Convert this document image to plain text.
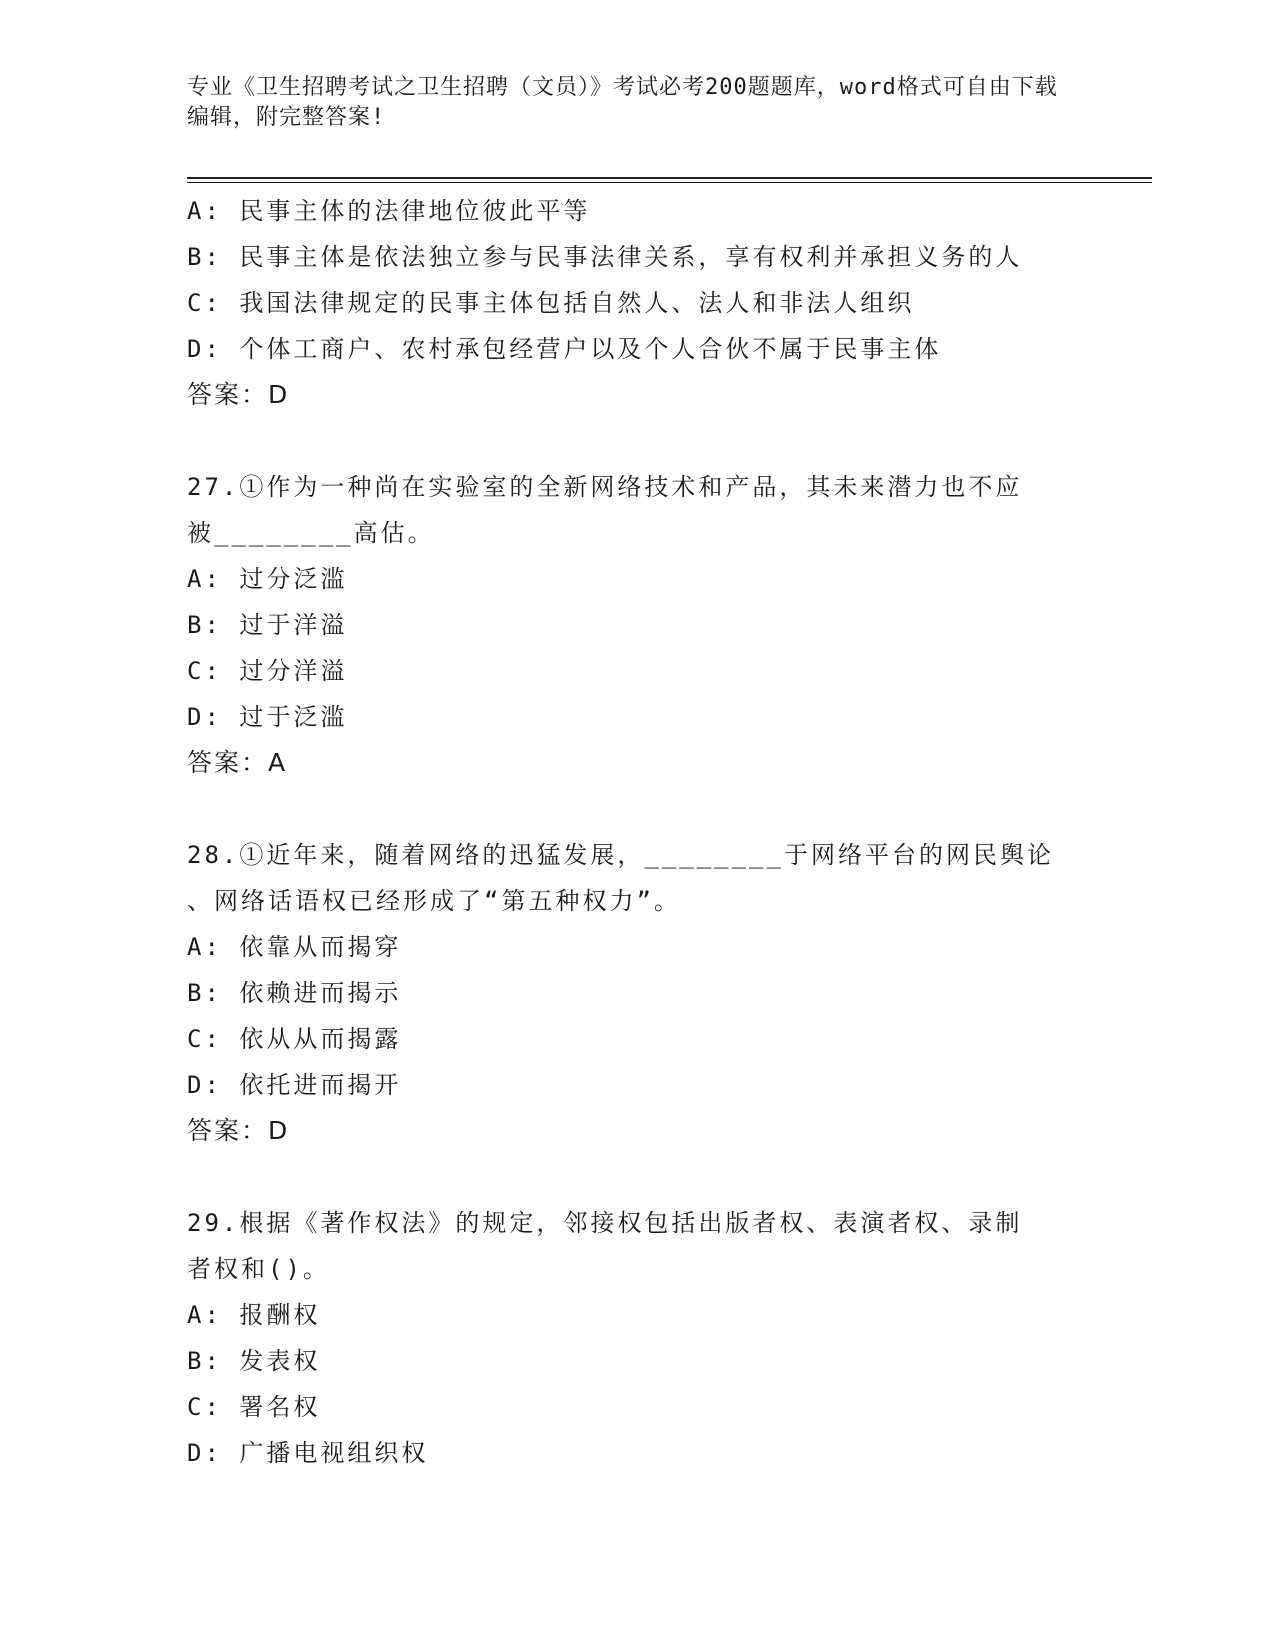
专业《卫生招聘考试之卫生招聘（文员）》考试必考200题题库，word格式可自由下载编辑，附完整答案!
A: 民事主体的法律地位彼此平等
B: 民事主体是依法独立参与民事法律关系，享有权利并承担义务的人
C: 我国法律规定的民事主体包括自然人、法人和非法人组织
D: 个体工商户、农村承包经营户以及个人合伙不属于民事主体
答案：D
27.①作为一种尚在实验室的全新网络技术和产品，其未来潜力也不应
被________高估。
A: 过分泛滥
B: 过于洋溢
C: 过分洋溢
D: 过于泛滥
答案：A
28.①近年来，随着网络的迅猛发展，________于网络平台的网民舆论
、网络话语权已经形成了“第五种权力”。
A: 依靠从而揭穿
B: 依赖进而揭示
C: 依从从而揭露
D: 依托进而揭开
答案：D
29.根据《著作权法》的规定，邻接权包括出版者权、表演者权、录制
者权和()。
A: 报酬权
B: 发表权
C: 署名权
D: 广播电视组织权
